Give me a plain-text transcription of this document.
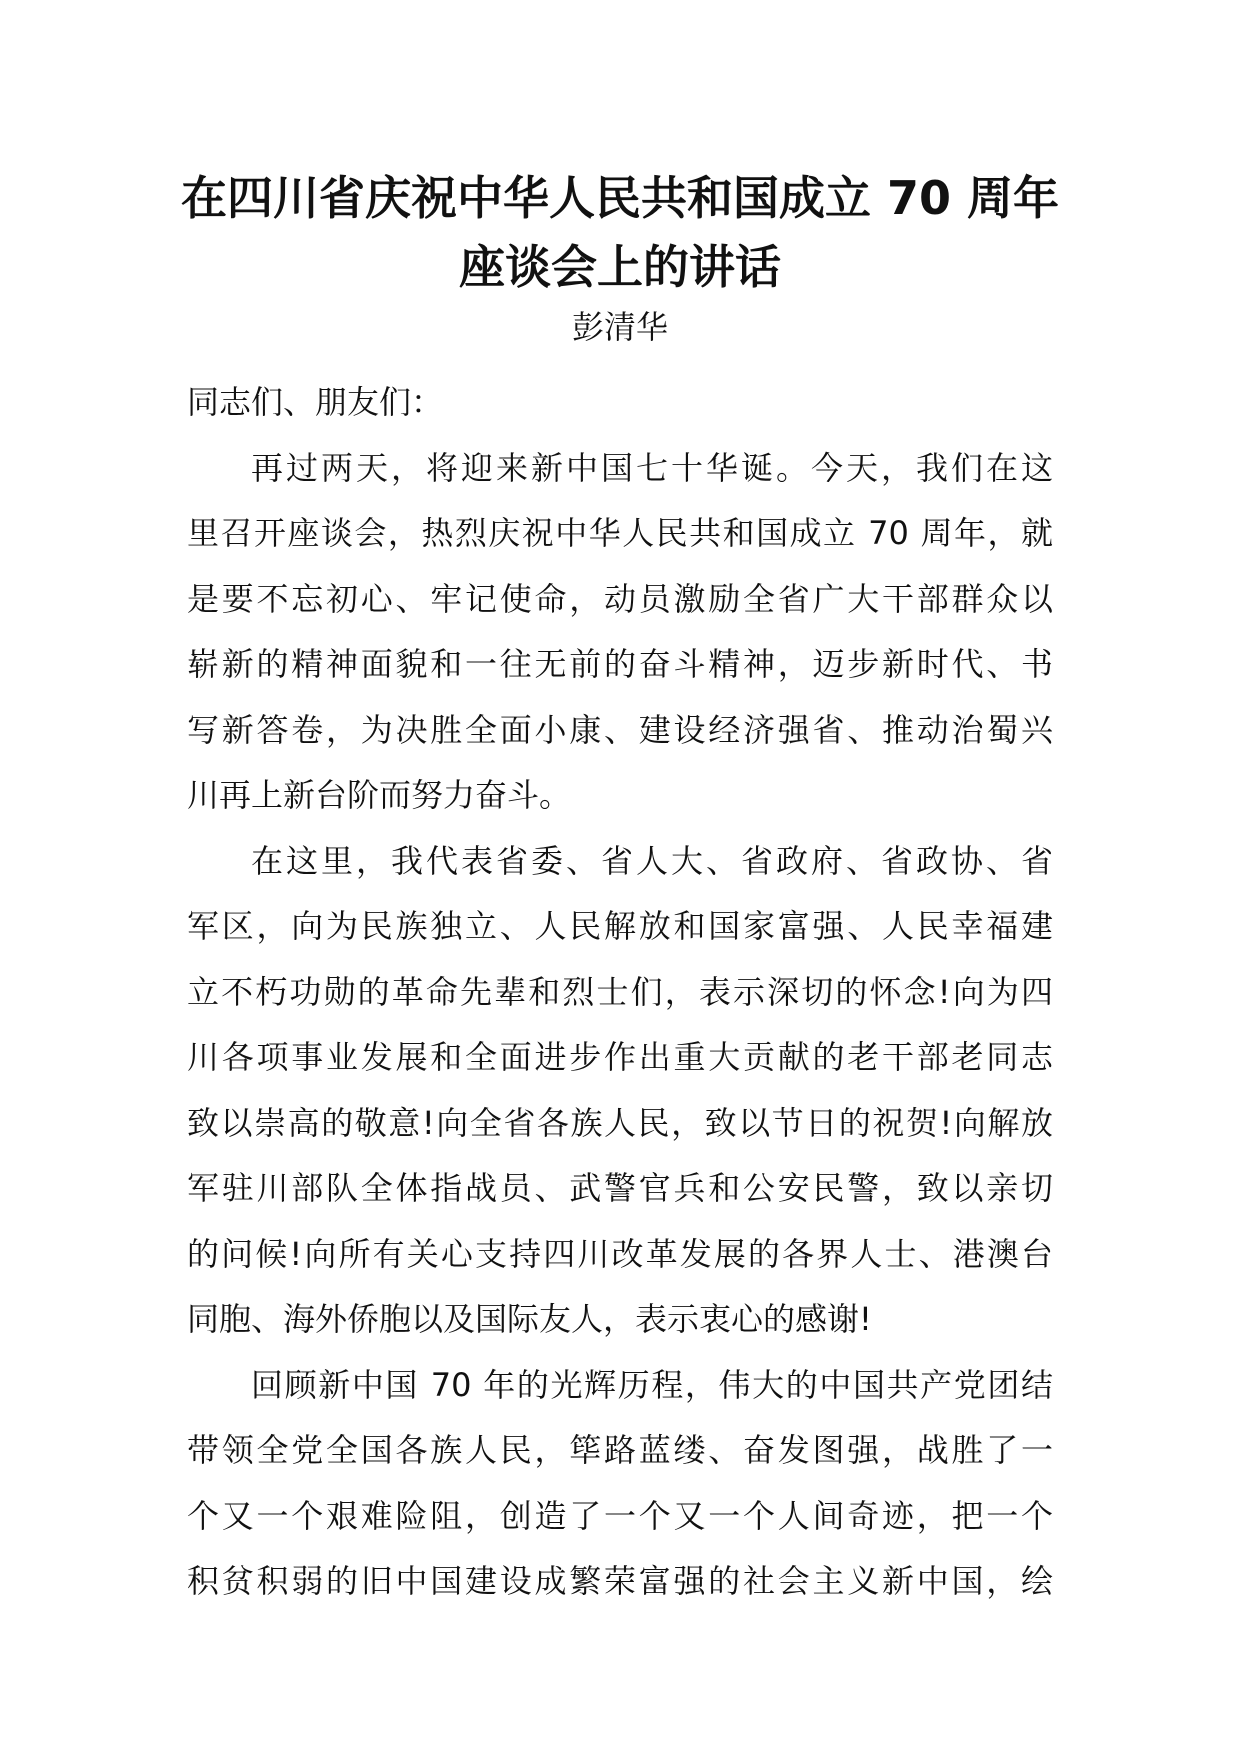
在四川省庆祝中华人民共和国成立 70 周年
座谈会上的讲话
彭清华
同志们、朋友们：
再过两天，将迎来新中国七十华诞。今天，我们在这
里召开座谈会，热烈庆祝中华人民共和国成立 70 周年，就
是要不忘初心、牢记使命，动员激励全省广大干部群众以
崭新的精神面貌和一往无前的奋斗精神，迈步新时代、书
写新答卷，为决胜全面小康、建设经济强省、推动治蜀兴
川再上新台阶而努力奋斗。
在这里，我代表省委、省人大、省政府、省政协、省
军区，向为民族独立、人民解放和国家富强、人民幸福建
立不朽功勋的革命先辈和烈士们，表示深切的怀念!向为四
川各项事业发展和全面进步作出重大贡献的老干部老同志
致以崇高的敬意!向全省各族人民，致以节日的祝贺!向解放
军驻川部队全体指战员、武警官兵和公安民警，致以亲切
的问候!向所有关心支持四川改革发展的各界人士、港澳台
同胞、海外侨胞以及国际友人，表示衷心的感谢!
回顾新中国 70 年的光辉历程，伟大的中国共产党团结
带领全党全国各族人民，筚路蓝缕、奋发图强，战胜了一
个又一个艰难险阻，创造了一个又一个人间奇迹，把一个
积贫积弱的旧中国建设成繁荣富强的社会主义新中国，绘
